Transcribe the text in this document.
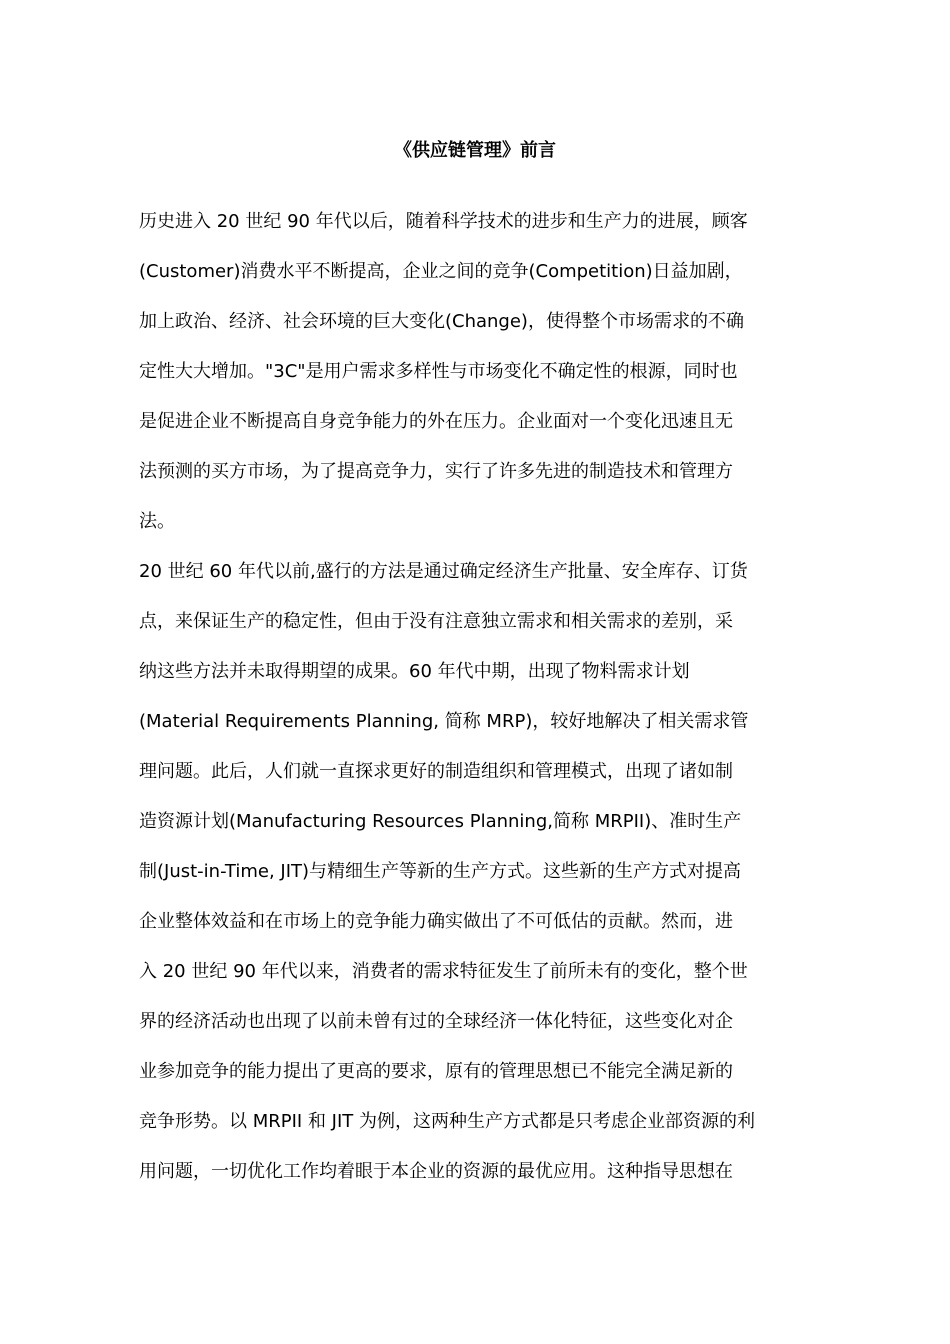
《供应链管理》前言
历史进入 20 世纪 90 年代以后，随着科学技术的进步和生产力的进展，顾客
(Customer)消费水平不断提高，企业之间的竞争(Competition)日益加剧，
加上政治、经济、社会环境的巨大变化(Change)，使得整个市场需求的不确
定性大大增加。"3C"是用户需求多样性与市场变化不确定性的根源，同时也
是促进企业不断提高自身竞争能力的外在压力。企业面对一个变化迅速且无
法预测的买方市场，为了提高竞争力，实行了许多先进的制造技术和管理方
法。
20 世纪 60 年代以前,盛行的方法是通过确定经济生产批量、安全库存、订货
点，来保证生产的稳定性，但由于没有注意独立需求和相关需求的差别，采
纳这些方法并未取得期望的成果。60 年代中期，出现了物料需求计划
(Material Requirements Planning, 简称 MRP)，较好地解决了相关需求管
理问题。此后，人们就一直探求更好的制造组织和管理模式，出现了诸如制
造资源计划(Manufacturing Resources Planning,简称 MRPII)、准时生产
制(Just-in-Time, JIT)与精细生产等新的生产方式。这些新的生产方式对提高
企业整体效益和在市场上的竞争能力确实做出了不可低估的贡献。然而，进
入 20 世纪 90 年代以来，消费者的需求特征发生了前所未有的变化，整个世
界的经济活动也出现了以前未曾有过的全球经济一体化特征，这些变化对企
业参加竞争的能力提出了更高的要求，原有的管理思想已不能完全满足新的
竞争形势。以 MRPII 和 JIT 为例，这两种生产方式都是只考虑企业部资源的利
用问题，一切优化工作均着眼于本企业的资源的最优应用。这种指导思想在
